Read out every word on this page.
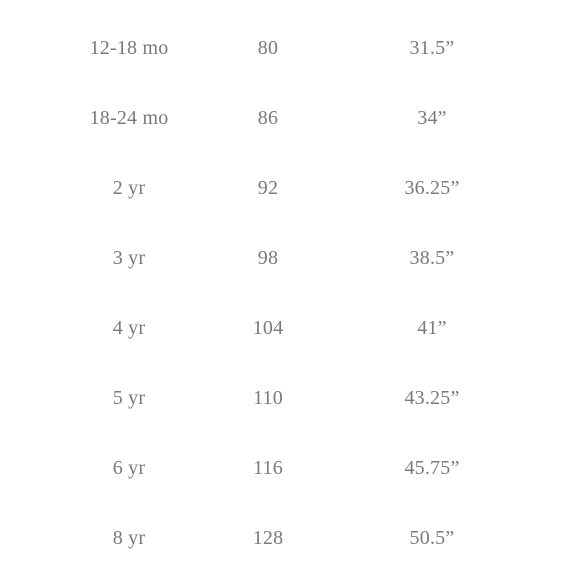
12-18 mo	80	31.5”
18-24 mo	86	34”
2 yr	92	36.25”
3 yr	98	38.5”
4 yr	104	41”
5 yr	110	43.25”
6 yr	116	45.75”
8 yr	128	50.5”
